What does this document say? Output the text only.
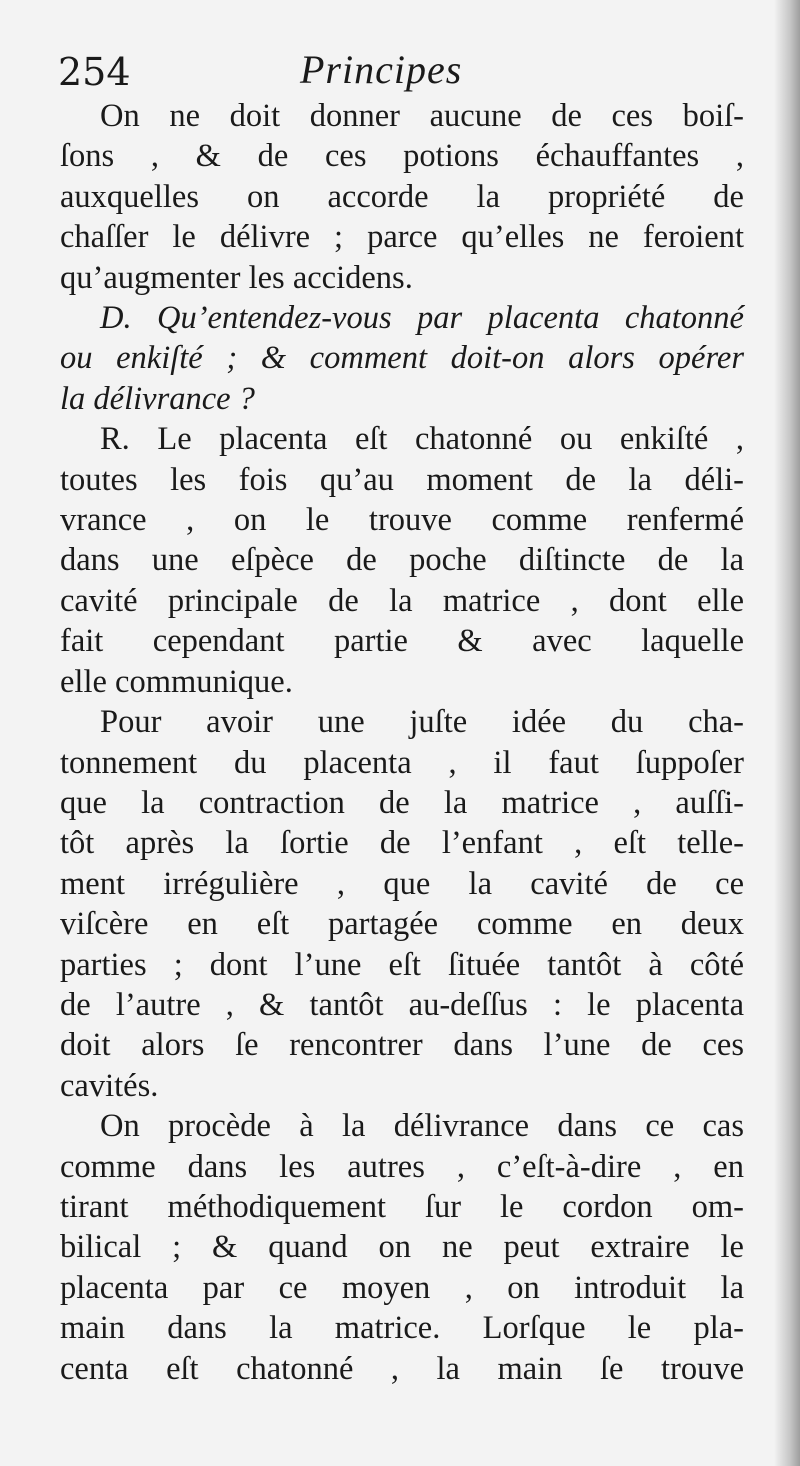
254	Principes
On ne doit donner aucune de ces boiſ-
ſons , & de ces potions échauffantes ,
auxquelles on accorde la propriété de
chaſſer le délivre ; parce qu’elles ne feroient
qu’augmenter les accidens.
D. Qu’entendez-vous par placenta chatonné
ou enkiſté ; & comment doit-on alors opérer
la délivrance ?
R. Le placenta eſt chatonné ou enkiſté ,
toutes les fois qu’au moment de la déli-
vrance , on le trouve comme renfermé
dans une eſpèce de poche diſtincte de la
cavité principale de la matrice , dont elle
fait cependant partie & avec laquelle
elle communique.
Pour avoir une juſte idée du cha-
tonnement du placenta , il faut ſuppoſer
que la contraction de la matrice , auſſi-
tôt après la ſortie de l’enfant , eſt telle-
ment irrégulière , que la cavité de ce
viſcère en eſt partagée comme en deux
parties ; dont l’une eſt ſituée tantôt à côté
de l’autre , & tantôt au-deſſus : le placenta
doit alors ſe rencontrer dans l’une de ces
cavités.
On procède à la délivrance dans ce cas
comme dans les autres , c’eſt-à-dire , en
tirant méthodiquement ſur le cordon om-
bilical ; & quand on ne peut extraire le
placenta par ce moyen , on introduit la
main dans la matrice. Lorſque le pla-
centa eſt chatonné , la main ſe trouve
